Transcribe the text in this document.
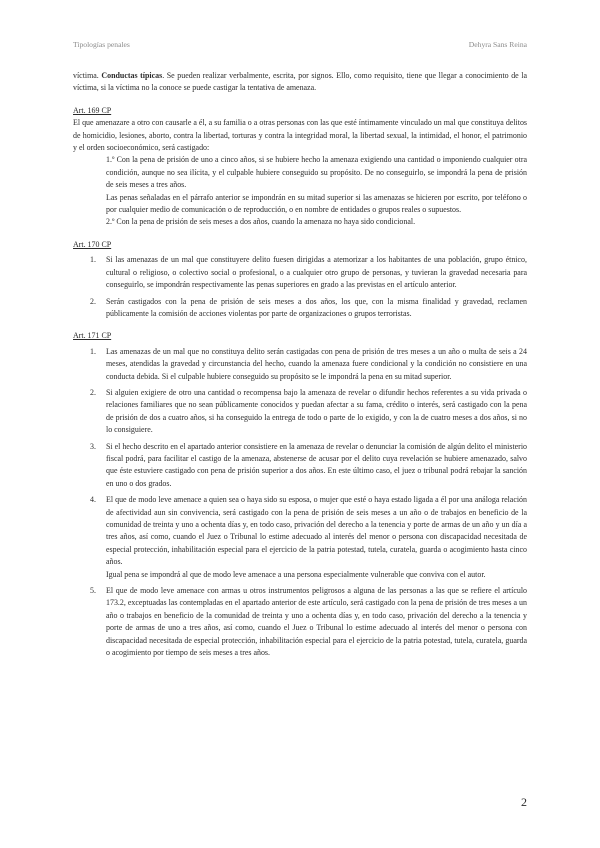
Tipologías penales	Dehyra Sans Reina

víctima. Conductas típicas. Se pueden realizar verbalmente, escrita, por signos. Ello, como requisito, tiene que llegar a conocimiento de la víctima, si la víctima no la conoce se puede castigar la tentativa de amenaza.

Art. 169 CP

El que amenazare a otro con causarle a él, a su familia o a otras personas con las que esté íntimamente vinculado un mal que constituya delitos de homicidio, lesiones, aborto, contra la libertad, torturas y contra la integridad moral, la libertad sexual, la intimidad, el honor, el patrimonio y el orden socioeconómico, será castigado:

1.º Con la pena de prisión de uno a cinco años, si se hubiere hecho la amenaza exigiendo una cantidad o imponiendo cualquier otra condición, aunque no sea ilícita, y el culpable hubiere conseguido su propósito. De no conseguirlo, se impondrá la pena de prisión de seis meses a tres años.

Las penas señaladas en el párrafo anterior se impondrán en su mitad superior si las amenazas se hicieren por escrito, por teléfono o por cualquier medio de comunicación o de reproducción, o en nombre de entidades o grupos reales o supuestos.

2.º Con la pena de prisión de seis meses a dos años, cuando la amenaza no haya sido condicional.

Art. 170 CP

1. Si las amenazas de un mal que constituyere delito fuesen dirigidas a atemorizar a los habitantes de una población, grupo étnico, cultural o religioso, o colectivo social o profesional, o a cualquier otro grupo de personas, y tuvieran la gravedad necesaria para conseguirlo, se impondrán respectivamente las penas superiores en grado a las previstas en el artículo anterior.
2. Serán castigados con la pena de prisión de seis meses a dos años, los que, con la misma finalidad y gravedad, reclamen públicamente la comisión de acciones violentas por parte de organizaciones o grupos terroristas.

Art. 171 CP

1. Las amenazas de un mal que no constituya delito serán castigadas con pena de prisión de tres meses a un año o multa de seis a 24 meses, atendidas la gravedad y circunstancia del hecho, cuando la amenaza fuere condicional y la condición no consistiere en una conducta debida. Si el culpable hubiere conseguido su propósito se le impondrá la pena en su mitad superior.
2. Si alguien exigiere de otro una cantidad o recompensa bajo la amenaza de revelar o difundir hechos referentes a su vida privada o relaciones familiares que no sean públicamente conocidos y puedan afectar a su fama, crédito o interés, será castigado con la pena de prisión de dos a cuatro años, si ha conseguido la entrega de todo o parte de lo exigido, y con la de cuatro meses a dos años, si no lo consiguiere.
3. Si el hecho descrito en el apartado anterior consistiere en la amenaza de revelar o denunciar la comisión de algún delito el ministerio fiscal podrá, para facilitar el castigo de la amenaza, abstenerse de acusar por el delito cuya revelación se hubiere amenazado, salvo que éste estuviere castigado con pena de prisión superior a dos años. En este último caso, el juez o tribunal podrá rebajar la sanción en uno o dos grados.
4. El que de modo leve amenace a quien sea o haya sido su esposa, o mujer que esté o haya estado ligada a él por una análoga relación de afectividad aun sin convivencia, será castigado con la pena de prisión de seis meses a un año o de trabajos en beneficio de la comunidad de treinta y uno a ochenta días y, en todo caso, privación del derecho a la tenencia y porte de armas de un año y un día a tres años, así como, cuando el Juez o Tribunal lo estime adecuado al interés del menor o persona con discapacidad necesitada de especial protección, inhabilitación especial para el ejercicio de la patria potestad, tutela, curatela, guarda o acogimiento hasta cinco años.
Igual pena se impondrá al que de modo leve amenace a una persona especialmente vulnerable que conviva con el autor.
5. El que de modo leve amenace con armas u otros instrumentos peligrosos a alguna de las personas a las que se refiere el artículo 173.2, exceptuadas las contempladas en el apartado anterior de este artículo, será castigado con la pena de prisión de tres meses a un año o trabajos en beneficio de la comunidad de treinta y uno a ochenta días y, en todo caso, privación del derecho a la tenencia y porte de armas de uno a tres años, así como, cuando el Juez o Tribunal lo estime adecuado al interés del menor o persona con discapacidad necesitada de especial protección, inhabilitación especial para el ejercicio de la patria potestad, tutela, curatela, guarda o acogimiento por tiempo de seis meses a tres años.
2
